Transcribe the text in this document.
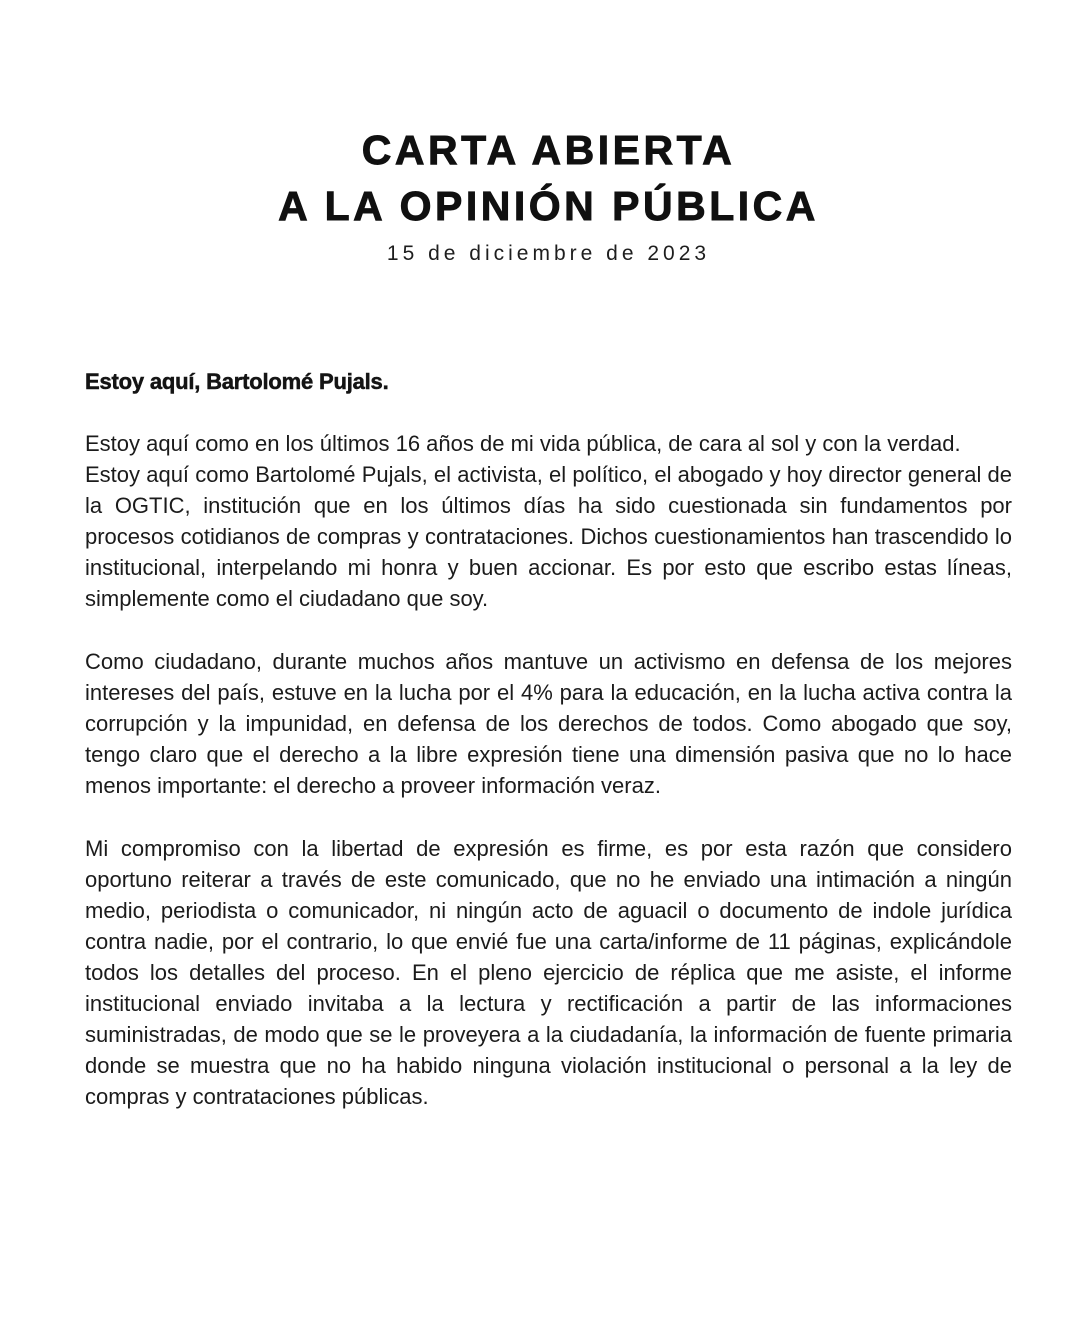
CARTA ABIERTA
A LA OPINIÓN PÚBLICA
15 de diciembre de 2023

Estoy aquí, Bartolomé Pujals.

Estoy aquí como en los últimos 16 años de mi vida pública, de cara al sol y con la verdad.

Estoy aquí como Bartolomé Pujals, el activista, el político, el abogado y hoy director general de la OGTIC, institución que en los últimos días ha sido cuestionada sin fundamentos por procesos cotidianos de compras y contrataciones. Dichos cuestionamientos han trascendido lo institucional, interpelando mi honra y buen accionar. Es por esto que escribo estas líneas, simplemente como el ciudadano que soy.

Como ciudadano, durante muchos años mantuve un activismo en defensa de los mejores intereses del país, estuve en la lucha por el 4% para la educación, en la lucha activa contra la corrupción y la impunidad, en defensa de los derechos de todos. Como abogado que soy, tengo claro que el derecho a la libre expresión tiene una dimensión pasiva que no lo hace menos importante: el derecho a proveer información veraz.

Mi compromiso con la libertad de expresión es firme, es por esta razón que considero oportuno reiterar a través de este comunicado, que no he enviado una intimación a ningún medio, periodista o comunicador, ni ningún acto de aguacil o documento de indole jurídica contra nadie, por el contrario, lo que envié fue una carta/informe de 11 páginas, explicándole todos los detalles del proceso. En el pleno ejercicio de réplica que me asiste, el informe institucional enviado invitaba a la lectura y rectificación a partir de las informaciones suministradas, de modo que se le proveyera a la ciudadanía, la información de fuente primaria donde se muestra que no ha habido ninguna violación institucional o personal a la ley de compras y contrataciones públicas.
